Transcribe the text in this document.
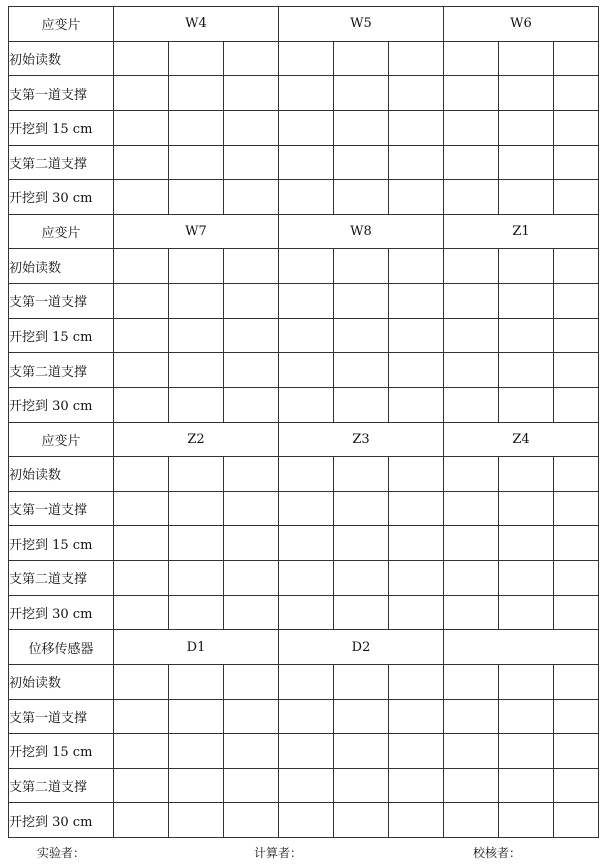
应变片	W4			W5			W6		
初始读数									
支第一道支撑									
开挖到 15 cm									
支第二道支撑									
开挖到 30 cm									
应变片	W7			W8			Z1		
初始读数									
支第一道支撑									
开挖到 15 cm									
支第二道支撑									
开挖到 30 cm									
应变片	Z2			Z3			Z4		
初始读数									
支第一道支撑									
开挖到 15 cm									
支第二道支撑									
开挖到 30 cm									
位移传感器	D1			D2					
初始读数									
支第一道支撑									
开挖到 15 cm									
支第二道支撑									
开挖到 30 cm									
实验者：	计算者：	校核者：
